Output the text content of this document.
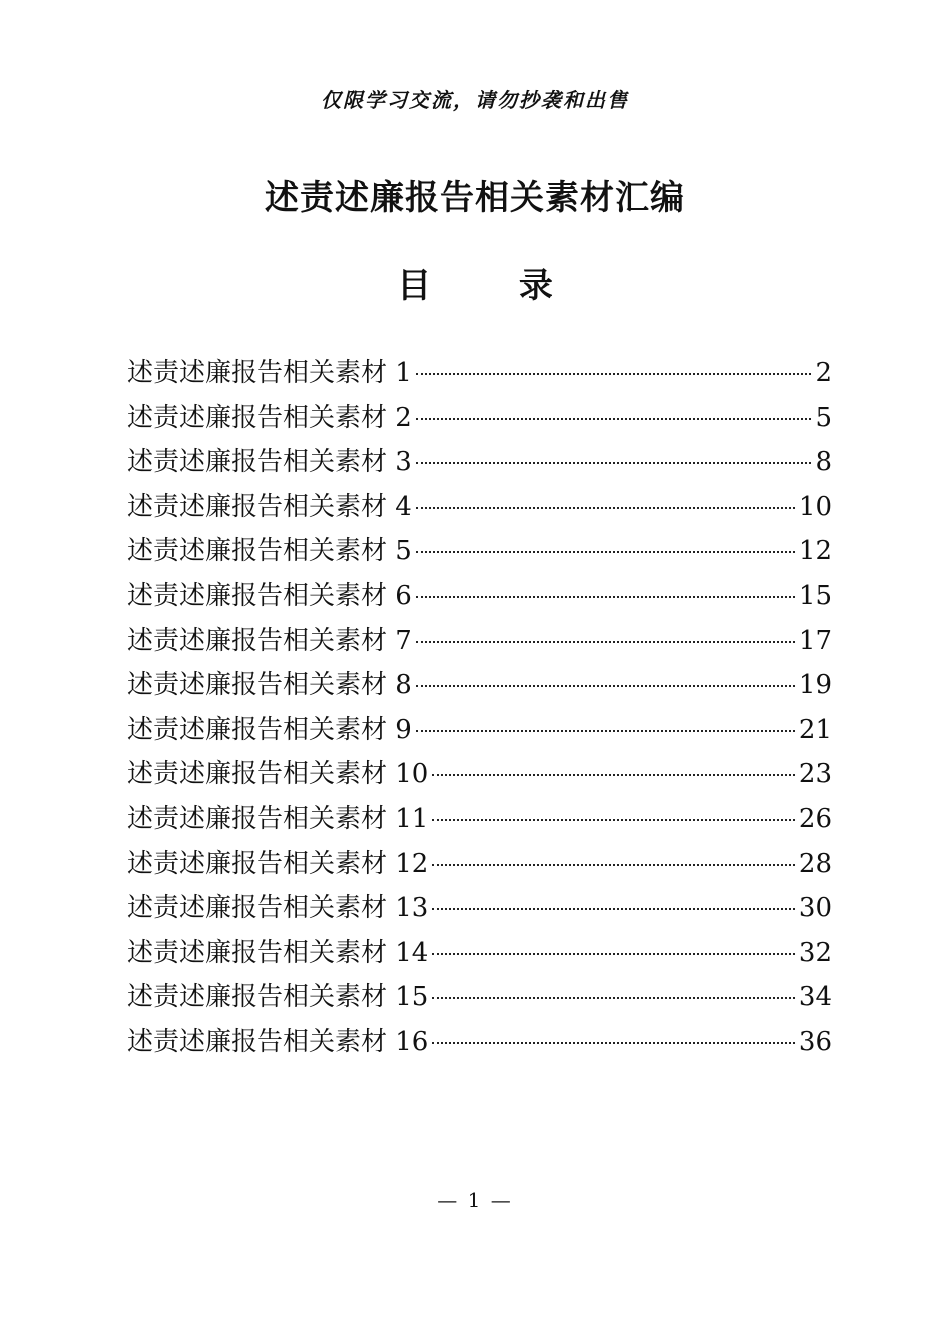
仅限学习交流，请勿抄袭和出售
述责述廉报告相关素材汇编
目 录
述责述廉报告相关素材 1	2
述责述廉报告相关素材 2	5
述责述廉报告相关素材 3	8
述责述廉报告相关素材 4	10
述责述廉报告相关素材 5	12
述责述廉报告相关素材 6	15
述责述廉报告相关素材 7	17
述责述廉报告相关素材 8	19
述责述廉报告相关素材 9	21
述责述廉报告相关素材 10	23
述责述廉报告相关素材 11	26
述责述廉报告相关素材 12	28
述责述廉报告相关素材 13	30
述责述廉报告相关素材 14	32
述责述廉报告相关素材 15	34
述责述廉报告相关素材 16	36
— 1 —
